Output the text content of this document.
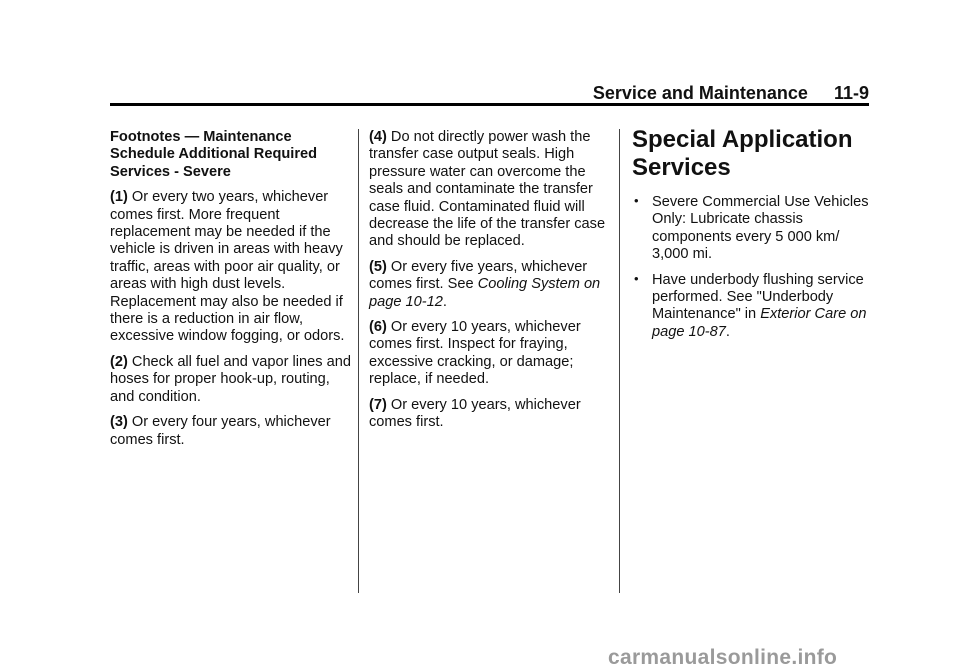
Service and Maintenance 11-9

Footnotes — Maintenance Schedule Additional Required Services - Severe

(1) Or every two years, whichever comes first. More frequent replacement may be needed if the vehicle is driven in areas with heavy traffic, areas with poor air quality, or areas with high dust levels. Replacement may also be needed if there is a reduction in air flow, excessive window fogging, or odors.

(2) Check all fuel and vapor lines and hoses for proper hook-up, routing, and condition.

(3) Or every four years, whichever comes first.

(4) Do not directly power wash the transfer case output seals. High pressure water can overcome the seals and contaminate the transfer case fluid. Contaminated fluid will decrease the life of the transfer case and should be replaced.

(5) Or every five years, whichever comes first. See Cooling System on page 10-12.

(6) Or every 10 years, whichever comes first. Inspect for fraying, excessive cracking, or damage; replace, if needed.

(7) Or every 10 years, whichever comes first.

Special Application Services
• Severe Commercial Use Vehicles Only: Lubricate chassis components every 5 000 km/ 3,000 mi.
• Have underbody flushing service performed. See "Underbody Maintenance" in Exterior Care on page 10-87.
carmanualsonline.info
